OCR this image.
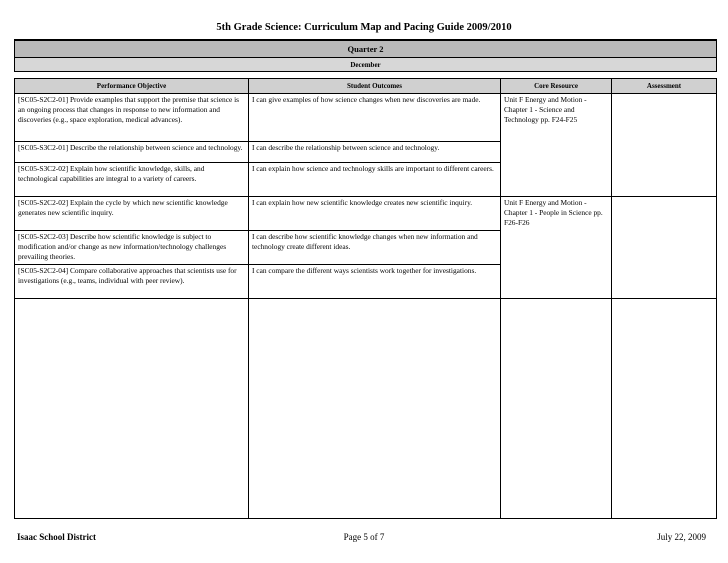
5th Grade Science: Curriculum Map and Pacing Guide 2009/2010
Quarter 2			
December			

Performance Objective	Student Outcomes	Core Resource	Assessment
[SC05-S2C2-01] Provide examples that support the premise that science is an ongoing process that changes in response to new information and discoveries (e.g., space exploration, medical advances).	I can give examples of how science changes when new discoveries are made.	Unit F Energy and Motion - Chapter 1 - Science and Technology pp. F24-F25	
[SC05-S3C2-01] Describe the relationship between science and technology.	I can describe the relationship between science and technology.		
[SC05-S3C2-02] Explain how scientific knowledge, skills, and technological capabilities are integral to a variety of careers.	I can explain how science and technology skills are important to different careers.		
[SC05-S2C2-02] Explain the cycle by which new scientific knowledge generates new scientific inquiry.	I can explain how new scientific knowledge creates new scientific inquiry.	Unit F Energy and Motion - Chapter 1 - People in Science pp. F26-F26	
[SC05-S2C2-03] Describe how scientific knowledge is subject to modification and/or change as new information/technology challenges prevailing theories.	I can describe how scientific knowledge changes when new information and technology create different ideas.		
[SC05-S2C2-04] Compare collaborative approaches that scientists use for investigations (e.g., teams, individual with peer review).	I can compare the different ways scientists work together for investigations.		

Isaac School District	Page 5 of 7	July 22, 2009
